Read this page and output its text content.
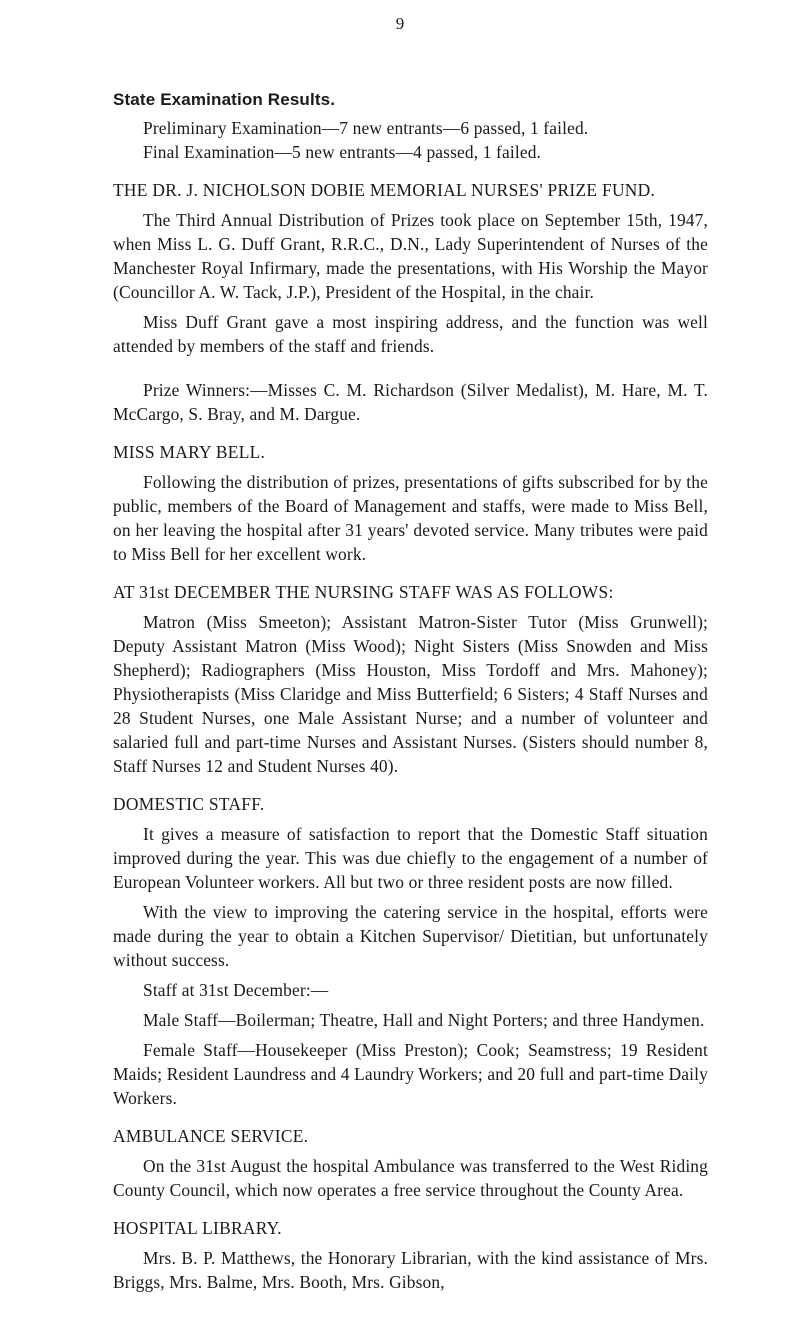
9
State Examination Results.
Preliminary Examination—7 new entrants—6 passed, 1 failed.
Final Examination—5 new entrants—4 passed, 1 failed.
THE DR. J. NICHOLSON DOBIE MEMORIAL NURSES' PRIZE FUND.
The Third Annual Distribution of Prizes took place on September 15th, 1947, when Miss L. G. Duff Grant, R.R.C., D.N., Lady Superintendent of Nurses of the Manchester Royal Infirmary, made the presentations, with His Worship the Mayor (Councillor A. W. Tack, J.P.), President of the Hospital, in the chair.
Miss Duff Grant gave a most inspiring address, and the function was well attended by members of the staff and friends.
Prize Winners:—Misses C. M. Richardson (Silver Medalist), M. Hare, M. T. McCargo, S. Bray, and M. Dargue.
MISS MARY BELL.
Following the distribution of prizes, presentations of gifts subscribed for by the public, members of the Board of Management and staffs, were made to Miss Bell, on her leaving the hospital after 31 years' devoted service. Many tributes were paid to Miss Bell for her excellent work.
AT 31st DECEMBER THE NURSING STAFF WAS AS FOLLOWS:
Matron (Miss Smeeton); Assistant Matron-Sister Tutor (Miss Grunwell); Deputy Assistant Matron (Miss Wood); Night Sisters (Miss Snowden and Miss Shepherd); Radiographers (Miss Houston, Miss Tordoff and Mrs. Mahoney); Physiotherapists (Miss Claridge and Miss Butterfield; 6 Sisters; 4 Staff Nurses and 28 Student Nurses, one Male Assistant Nurse; and a number of volunteer and salaried full and part-time Nurses and Assistant Nurses. (Sisters should number 8, Staff Nurses 12 and Student Nurses 40).
DOMESTIC STAFF.
It gives a measure of satisfaction to report that the Domestic Staff situation improved during the year. This was due chiefly to the engagement of a number of European Volunteer workers. All but two or three resident posts are now filled.
With the view to improving the catering service in the hospital, efforts were made during the year to obtain a Kitchen Supervisor/ Dietitian, but unfortunately without success.
Staff at 31st December:—
Male Staff—Boilerman; Theatre, Hall and Night Porters; and three Handymen.
Female Staff—Housekeeper (Miss Preston); Cook; Seamstress; 19 Resident Maids; Resident Laundress and 4 Laundry Workers; and 20 full and part-time Daily Workers.
AMBULANCE SERVICE.
On the 31st August the hospital Ambulance was transferred to the West Riding County Council, which now operates a free service throughout the County Area.
HOSPITAL LIBRARY.
Mrs. B. P. Matthews, the Honorary Librarian, with the kind assistance of Mrs. Briggs, Mrs. Balme, Mrs. Booth, Mrs. Gibson,
